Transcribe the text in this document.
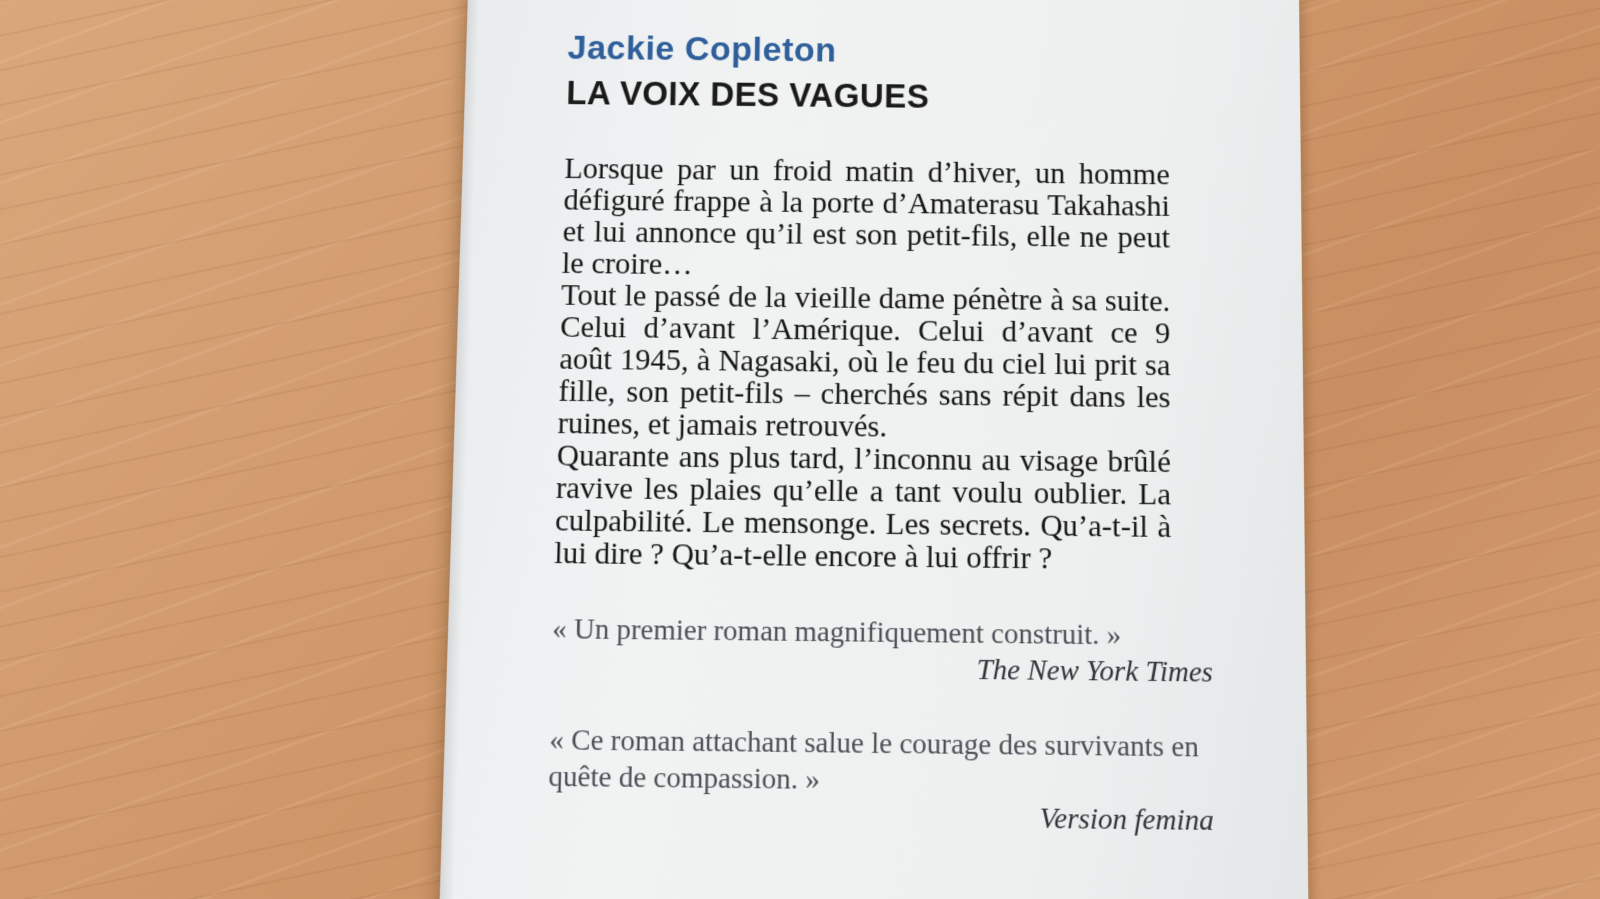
Jackie Copleton
LA VOIX DES VAGUES

Lorsque par un froid matin d’hiver, un homme défiguré frappe à la porte d’Amaterasu Takahashi et lui annonce qu’il est son petit-fils, elle ne peut le croire…

Tout le passé de la vieille dame pénètre à sa suite. Celui d’avant l’Amérique. Celui d’avant ce 9 août 1945, à Nagasaki, où le feu du ciel lui prit sa fille, son petit-fils – cherchés sans répit dans les ruines, et jamais retrouvés.

Quarante ans plus tard, l’inconnu au visage brûlé ravive les plaies qu’elle a tant voulu oublier. La culpabilité. Le mensonge. Les secrets. Qu’a-t-il à lui dire ? Qu’a-t-elle encore à lui offrir ?

« Un premier roman magnifiquement construit. »

The New York Times

« Ce roman attachant salue le courage des survivants en quête de compassion. »

Version femina
